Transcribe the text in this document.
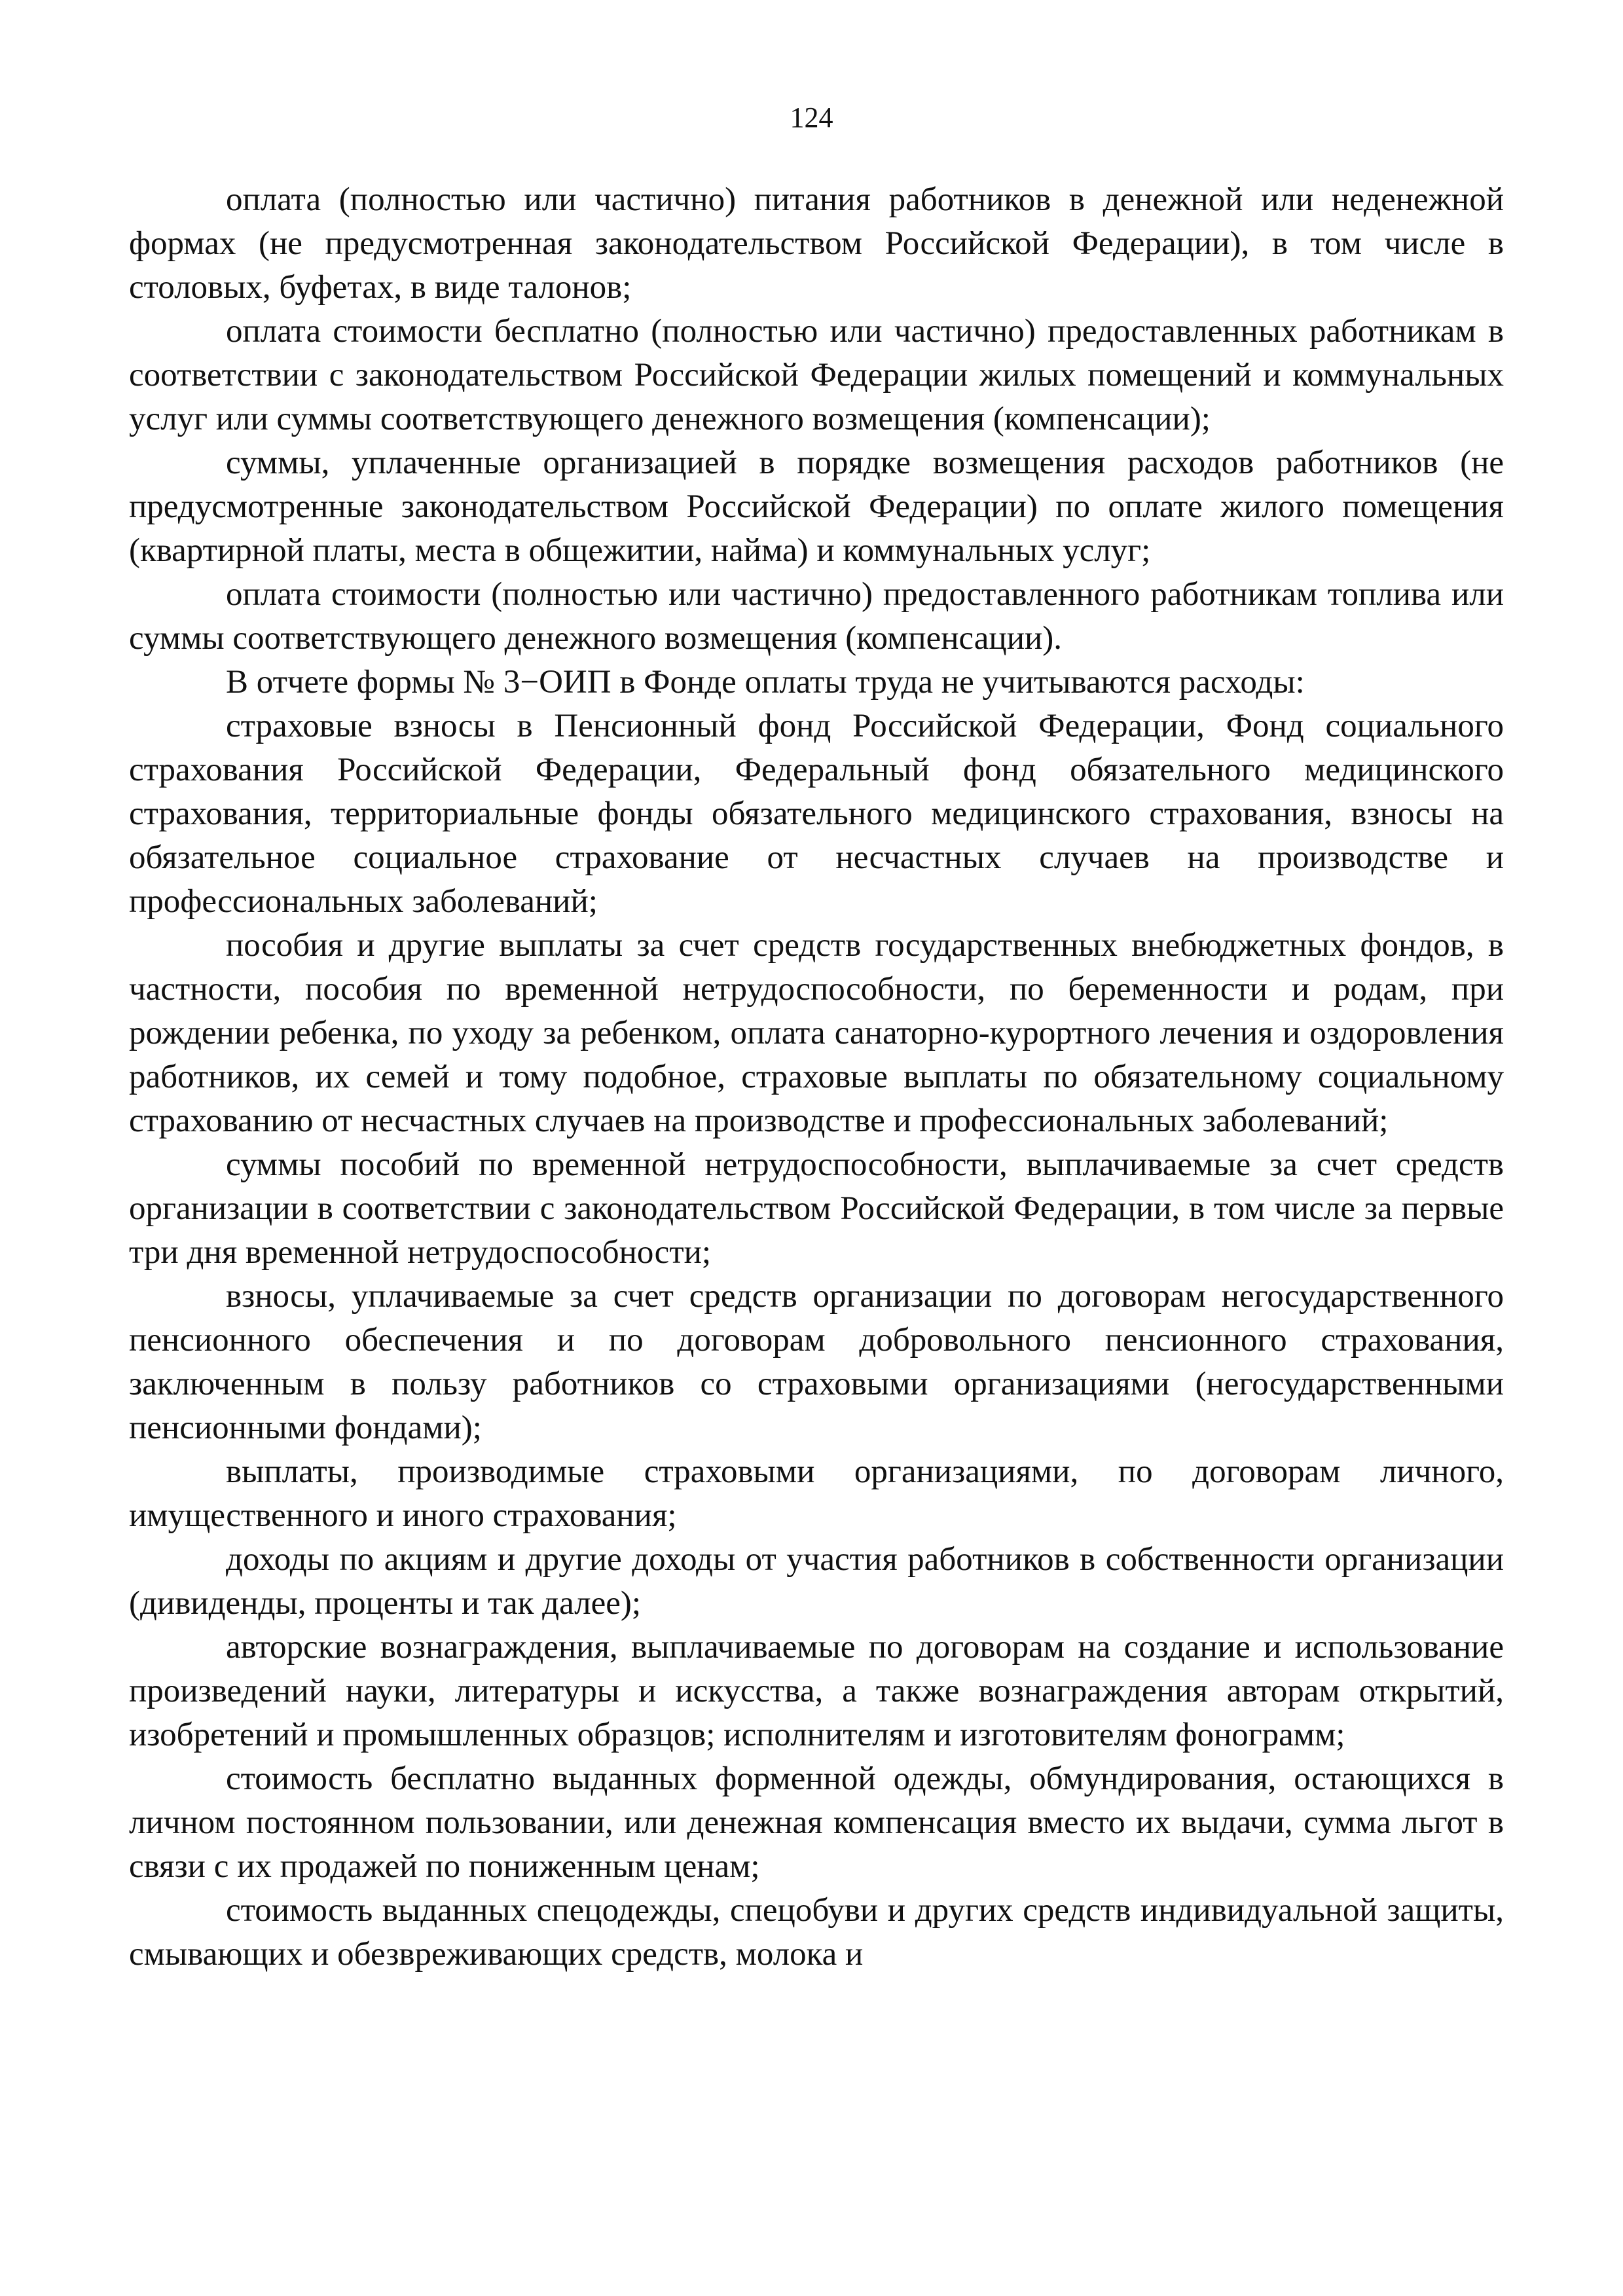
124

оплата (полностью или частично) питания работников в денежной или неденежной формах (не предусмотренная законодательством Российской Федерации), в том числе в столовых, буфетах, в виде талонов;

оплата стоимости бесплатно (полностью или частично) предоставленных работникам в соответствии с законодательством Российской Федерации жилых помещений и коммунальных услуг или суммы соответствующего денежного возмещения (компенсации);

суммы, уплаченные организацией в порядке возмещения расходов работников (не предусмотренные законодательством Российской Федерации) по оплате жилого помещения (квартирной платы, места в общежитии, найма) и коммунальных услуг;

оплата стоимости (полностью или частично) предоставленного работникам топлива или суммы соответствующего денежного возмещения (компенсации).

В отчете формы № 3−ОИП в Фонде оплаты труда не учитываются расходы:

страховые взносы в Пенсионный фонд Российской Федерации, Фонд социального страхования Российской Федерации, Федеральный фонд обязательного медицинского страхования, территориальные фонды обязательного медицинского страхования, взносы на обязательное социальное страхование от несчастных случаев на производстве и профессиональных заболеваний;

пособия и другие выплаты за счет средств государственных внебюджетных фондов, в частности, пособия по временной нетрудоспособности, по беременности и родам, при рождении ребенка, по уходу за ребенком, оплата санаторно-курортного лечения и оздоровления работников, их семей и тому подобное, страховые выплаты по обязательному социальному страхованию от несчастных случаев на производстве и профессиональных заболеваний;

суммы пособий по временной нетрудоспособности, выплачиваемые за счет средств организации в соответствии с законодательством Российской Федерации, в том числе за первые три дня временной нетрудоспособности;

взносы, уплачиваемые за счет средств организации по договорам негосударственного пенсионного обеспечения и по договорам добровольного пенсионного страхования, заключенным в пользу работников со страховыми организациями (негосударственными пенсионными фондами);

выплаты, производимые страховыми организациями, по договорам личного, имущественного и иного страхования;

доходы по акциям и другие доходы от участия работников в собственности организации (дивиденды, проценты и так далее);

авторские вознаграждения, выплачиваемые по договорам на создание и использование произведений науки, литературы и искусства, а также вознаграждения авторам открытий, изобретений и промышленных образцов; исполнителям и изготовителям фонограмм;

стоимость бесплатно выданных форменной одежды, обмундирования, остающихся в личном постоянном пользовании, или денежная компенсация вместо их выдачи, сумма льгот в связи с их продажей по пониженным ценам;

стоимость выданных спецодежды, спецобуви и других средств индивидуальной защиты, смывающих и обезвреживающих средств, молока и
